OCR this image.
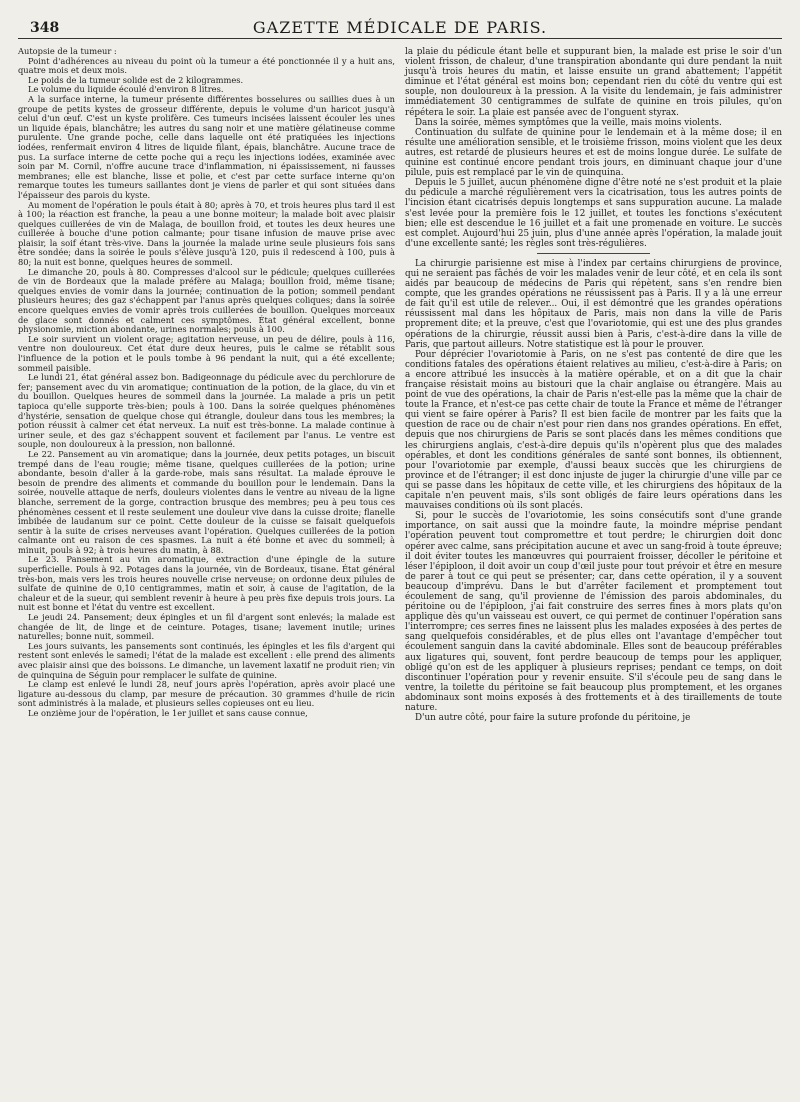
348	GAZETTE MÉDICALE DE PARIS.

Autopsie de la tumeur :

Point d'adhérences au niveau du point où la tumeur a été ponctionnée il y a huit ans, quatre mois et deux mois.

Le poids de la tumeur solide est de 2 kilogrammes.

Le volume du liquide écoulé d'environ 8 litres.

A la surface interne, la tumeur présente différentes bosselures ou saillies dues à un groupe de petits kystes de grosseur différente, depuis le volume d'un haricot jusqu'à celui d'un œuf. C'est un kyste prolifère. Ces tumeurs incisées laissent écouler les unes un liquide épais, blanchâtre; les autres du sang noir et une matière gélatineuse comme purulente. Une grande poche, celle dans laquelle ont été pratiquées les injections iodées, renfermait environ 4 litres de liquide filant, épais, blanchâtre. Aucune trace de pus. La surface interne de cette poche qui a reçu les injections iodées, examinée avec soin par M. Cornil, n'offre aucune trace d'inflammation, ni épaississement, ni fausses membranes; elle est blanche, lisse et polie, et c'est par cette surface interne qu'on remarque toutes les tumeurs saillantes dont je viens de parler et qui sont situées dans l'épaisseur des parois du kyste.

Au moment de l'opération le pouls était à 80; après à 70, et trois heures plus tard il est à 100; la réaction est franche, la peau a une bonne moiteur; la malade boit avec plaisir quelques cuillerées de vin de Malaga, de bouillon froid, et toutes les deux heures une cuillerée à bouche d'une potion calmante; pour tisane infusion de mauve prise avec plaisir, la soif étant très-vive. Dans la journée la malade urine seule plusieurs fois sans être sondée; dans la soirée le pouls s'élève jusqu'à 120, puis il redescend à 100, puis à 80; la nuit est bonne, quelques heures de sommeil.

Le dimanche 20, pouls à 80. Compresses d'alcool sur le pédicule; quelques cuillerées de vin de Bordeaux que la malade préfère au Malaga; bouillon froid, même tisane; quelques envies de vomir dans la journée; continuation de la potion; sommeil pendant plusieurs heures; des gaz s'échappent par l'anus après quelques coliques; dans la soirée encore quelques envies de vomir après trois cuillerées de bouillon. Quelques morceaux de glace sont donnés et calment ces symptômes. État général excellent, bonne physionomie, miction abondante, urines normales; pouls à 100.

Le soir survient un violent orage; agitation nerveuse, un peu de délire, pouls à 116, ventre non douloureux. Cet état dure deux heures, puis le calme se rétablit sous l'influence de la potion et le pouls tombe à 96 pendant la nuit, qui a été excellente; sommeil paisible.

Le lundi 21, état général assez bon. Badigeonnage du pédicule avec du perchlorure de fer; pansement avec du vin aromatique; continuation de la potion, de la glace, du vin et du bouillon. Quelques heures de sommeil dans la journée. La malade a pris un petit tapioca qu'elle supporte très-bien; pouls à 100. Dans la soirée quelques phénomènes d'hystérie, sensation de quelque chose qui étrangle, douleur dans tous les membres; la potion réussit à calmer cet état nerveux. La nuit est très-bonne. La malade continue à uriner seule, et des gaz s'échappent souvent et facilement par l'anus. Le ventre est souple, non douloureux à la pression, non ballonné.

Le 22. Pansement au vin aromatique; dans la journée, deux petits potages, un biscuit trempé dans de l'eau rougie; même tisane, quelques cuillerées de la potion; urine abondante, besoin d'aller à la garde-robe, mais sans résultat. La malade éprouve le besoin de prendre des aliments et commande du bouillon pour le lendemain. Dans la soirée, nouvelle attaque de nerfs, douleurs violentes dans le ventre au niveau de la ligne blanche, serrement de la gorge, contraction brusque des membres; peu à peu tous ces phénomènes cessent et il reste seulement une douleur vive dans la cuisse droite; flanelle imbibée de laudanum sur ce point. Cette douleur de la cuisse se faisait quelquefois sentir à la suite de crises nerveuses avant l'opération. Quelques cuillerées de la potion calmante ont eu raison de ces spasmes. La nuit a été bonne et avec du sommeil; à minuit, pouls à 92; à trois heures du matin, à 88.

Le 23. Pansement au vin aromatique, extraction d'une épingle de la suture superficielle. Pouls à 92. Potages dans la journée, vin de Bordeaux, tisane. État général très-bon, mais vers les trois heures nouvelle crise nerveuse; on ordonne deux pilules de sulfate de quinine de 0,10 centigrammes, matin et soir, à cause de l'agitation, de la chaleur et de la sueur, qui semblent revenir à heure à peu près fixe depuis trois jours. La nuit est bonne et l'état du ventre est excellent.

Le jeudi 24. Pansement; deux épingles et un fil d'argent sont enlevés; la malade est changée de lit, de linge et de ceinture. Potages, tisane; lavement inutile; urines naturelles; bonne nuit, sommeil.

Les jours suivants, les pansements sont continués, les épingles et les fils d'argent qui restent sont enlevés le samedi; l'état de la malade est excellent : elle prend des aliments avec plaisir ainsi que des boissons. Le dimanche, un lavement laxatif ne produit rien; vin de quinquina de Séguin pour remplacer le sulfate de quinine.

Le clamp est enlevé le lundi 28, neuf jours après l'opération, après avoir placé une ligature au-dessous du clamp, par mesure de précaution. 30 grammes d'huile de ricin sont administrés à la malade, et plusieurs selles copieuses ont eu lieu.

Le onzième jour de l'opération, le 1er juillet et sans cause connue,

la plaie du pédicule étant belle et suppurant bien, la malade est prise le soir d'un violent frisson, de chaleur, d'une transpiration abondante qui dure pendant la nuit jusqu'à trois heures du matin, et laisse ensuite un grand abattement; l'appétit diminue et l'état général est moins bon; cependant rien du côté du ventre qui est souple, non douloureux à la pression. A la visite du lendemain, je fais administrer immédiatement 30 centigrammes de sulfate de quinine en trois pilules, qu'on répétera le soir. La plaie est pansée avec de l'onguent styrax.

Dans la soirée, mêmes symptômes que la veille, mais moins violents.

Continuation du sulfate de quinine pour le lendemain et à la même dose; il en résulte une amélioration sensible, et le troisième frisson, moins violent que les deux autres, est retardé de plusieurs heures et est de moins longue durée. Le sulfate de quinine est continué encore pendant trois jours, en diminuant chaque jour d'une pilule, puis est remplacé par le vin de quinquina.

Depuis le 5 juillet, aucun phénomène digne d'être noté ne s'est produit et la plaie du pédicule a marché régulièrement vers la cicatrisation, tous les autres points de l'incision étant cicatrisés depuis longtemps et sans suppuration aucune. La malade s'est levée pour la première fois le 12 juillet, et toutes les fonctions s'exécutent bien; elle est descendue le 16 juillet et a fait une promenade en voiture. Le succès est complet. Aujourd'hui 25 juin, plus d'une année après l'opération, la malade jouit d'une excellente santé; les règles sont très-régulières.

La chirurgie parisienne est mise à l'index par certains chirurgiens de province, qui ne seraient pas fâchés de voir les malades venir de leur côté, et en cela ils sont aidés par beaucoup de médecins de Paris qui répètent, sans s'en rendre bien compte, que les grandes opérations ne réussissent pas à Paris. Il y a là une erreur de fait qu'il est utile de relever... Oui, il est démontré que les grandes opérations réussissent mal dans les hôpitaux de Paris, mais non dans la ville de Paris proprement dite; et la preuve, c'est que l'ovariotomie, qui est une des plus grandes opérations de la chirurgie, réussit aussi bien à Paris, c'est-à-dire dans la ville de Paris, que partout ailleurs. Notre statistique est là pour le prouver.

Pour déprécier l'ovariotomie à Paris, on ne s'est pas contenté de dire que les conditions fatales des opérations étaient relatives au milieu, c'est-à-dire à Paris; on a encore attribué les insuccès à la matière opérable, et on a dit que la chair française résistait moins au bistouri que la chair anglaise ou étrangère. Mais au point de vue des opérations, la chair de Paris n'est-elle pas la même que la chair de toute la France, et n'est-ce pas cette chair de toute la France et même de l'étranger qui vient se faire opérer à Paris? Il est bien facile de montrer par les faits que la question de race ou de chair n'est pour rien dans nos grandes opérations. En effet, depuis que nos chirurgiens de Paris se sont placés dans les mêmes conditions que les chirurgiens anglais, c'est-à-dire depuis qu'ils n'opèrent plus que des malades opérables, et dont les conditions générales de santé sont bonnes, ils obtiennent, pour l'ovariotomie par exemple, d'aussi beaux succès que les chirurgiens de province et de l'étranger; il est donc injuste de juger la chirurgie d'une ville par ce qui se passe dans les hôpitaux de cette ville, et les chirurgiens des hôpitaux de la capitale n'en peuvent mais, s'ils sont obligés de faire leurs opérations dans les mauvaises conditions où ils sont placés.

Si, pour le succès de l'ovariotomie, les soins consécutifs sont d'une grande importance, on sait aussi que la moindre faute, la moindre méprise pendant l'opération peuvent tout compromettre et tout perdre; le chirurgien doit donc opérer avec calme, sans précipitation aucune et avec un sang-froid à toute épreuve; il doit éviter toutes les manœuvres qui pourraient froisser, décoller le péritoine et léser l'épiploon, il doit avoir un coup d'œil juste pour tout prévoir et être en mesure de parer à tout ce qui peut se présenter; car, dans cette opération, il y a souvent beaucoup d'imprévu. Dans le but d'arrêter facilement et promptement tout écoulement de sang, qu'il provienne de l'émission des parois abdominales, du péritoine ou de l'épiploon, j'ai fait construire des serres fines à mors plats qu'on applique dès qu'un vaisseau est ouvert, ce qui permet de continuer l'opération sans l'interrompre; ces serres fines ne laissent plus les malades exposées à des pertes de sang quelquefois considérables, et de plus elles ont l'avantage d'empêcher tout écoulement sanguin dans la cavité abdominale. Elles sont de beaucoup préférables aux ligatures qui, souvent, font perdre beaucoup de temps pour les appliquer, obligé qu'on est de les appliquer à plusieurs reprises; pendant ce temps, on doit discontinuer l'opération pour y revenir ensuite. S'il s'écoule peu de sang dans le ventre, la toilette du péritoine se fait beaucoup plus promptement, et les organes abdominaux sont moins exposés à des frottements et à des tiraillements de toute nature.

D'un autre côté, pour faire la suture profonde du péritoine, je
